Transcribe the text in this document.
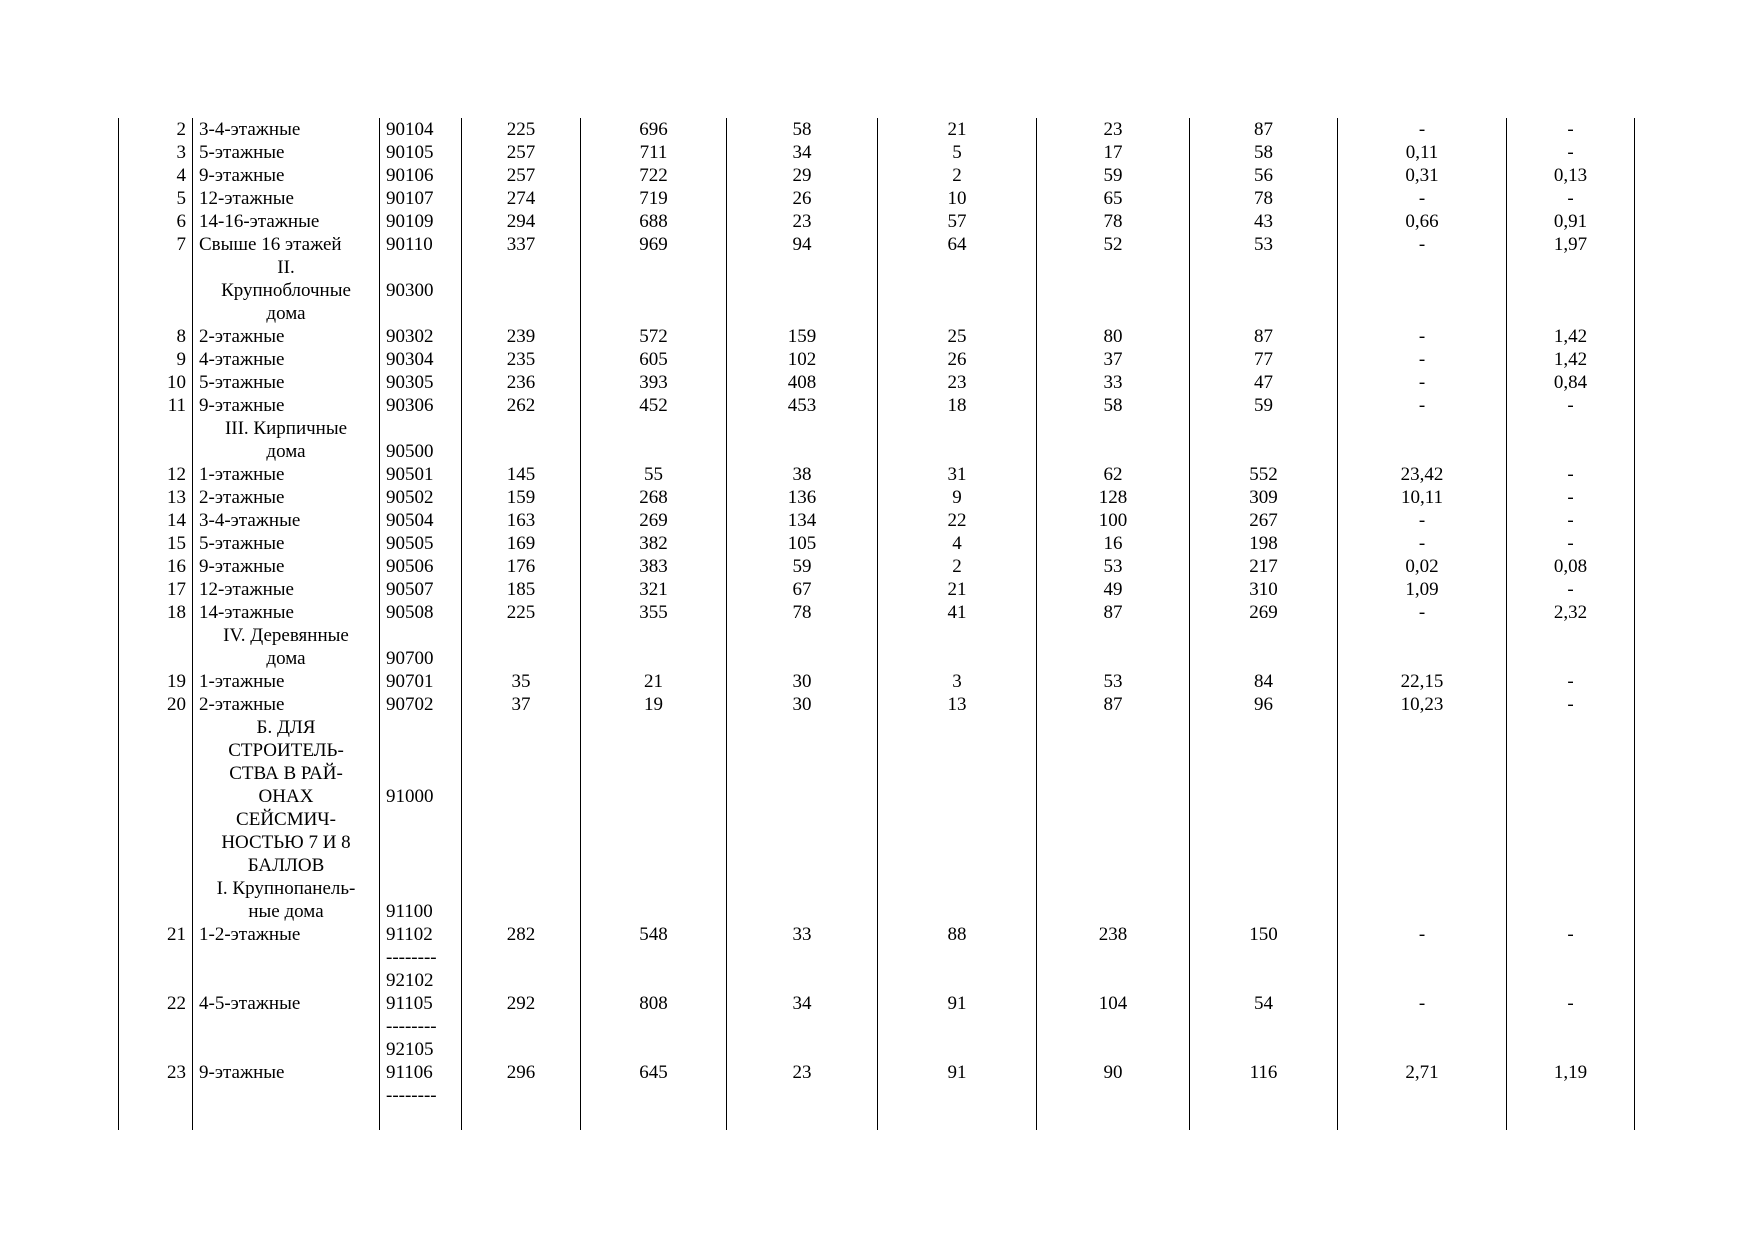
2	3-4-этажные	90104	225	696	58	21	23	87	-	-
3	5-этажные	90105	257	711	34	5	17	58	0,11	-
4	9-этажные	90106	257	722	29	2	59	56	0,31	0,13
5	12-этажные	90107	274	719	26	10	65	78	-	-
6	14-16-этажные	90109	294	688	23	57	78	43	0,66	0,91
7	Свыше 16 этажей	90110	337	969	94	64	52	53	-	1,97
	II.									
	Крупноблочные	90300								
	дома									
8	2-этажные	90302	239	572	159	25	80	87	-	1,42
9	4-этажные	90304	235	605	102	26	37	77	-	1,42
10	5-этажные	90305	236	393	408	23	33	47	-	0,84
11	9-этажные	90306	262	452	453	18	58	59	-	-
	III. Кирпичные									
	дома	90500								
12	1-этажные	90501	145	55	38	31	62	552	23,42	-
13	2-этажные	90502	159	268	136	9	128	309	10,11	-
14	3-4-этажные	90504	163	269	134	22	100	267	-	-
15	5-этажные	90505	169	382	105	4	16	198	-	-
16	9-этажные	90506	176	383	59	2	53	217	0,02	0,08
17	12-этажные	90507	185	321	67	21	49	310	1,09	-
18	14-этажные	90508	225	355	78	41	87	269	-	2,32
	IV. Деревянные									
	дома	90700								
19	1-этажные	90701	35	21	30	3	53	84	22,15	-
20	2-этажные	90702	37	19	30	13	87	96	10,23	-
	Б. ДЛЯ									
	СТРОИТЕЛЬ-									
	СТВА В РАЙ-									
	ОНАХ	91000								
	СЕЙСМИЧ-									
	НОСТЬЮ 7 И 8									
	БАЛЛОВ									
	I. Крупнопанель-									
	ные дома	91100								
21	1-2-этажные	91102	282	548	33	88	238	150	-	-
		--------								
		92102								
22	4-5-этажные	91105	292	808	34	91	104	54	-	-
		--------								
		92105								
23	9-этажные	91106	296	645	23	91	90	116	2,71	1,19
		--------								
